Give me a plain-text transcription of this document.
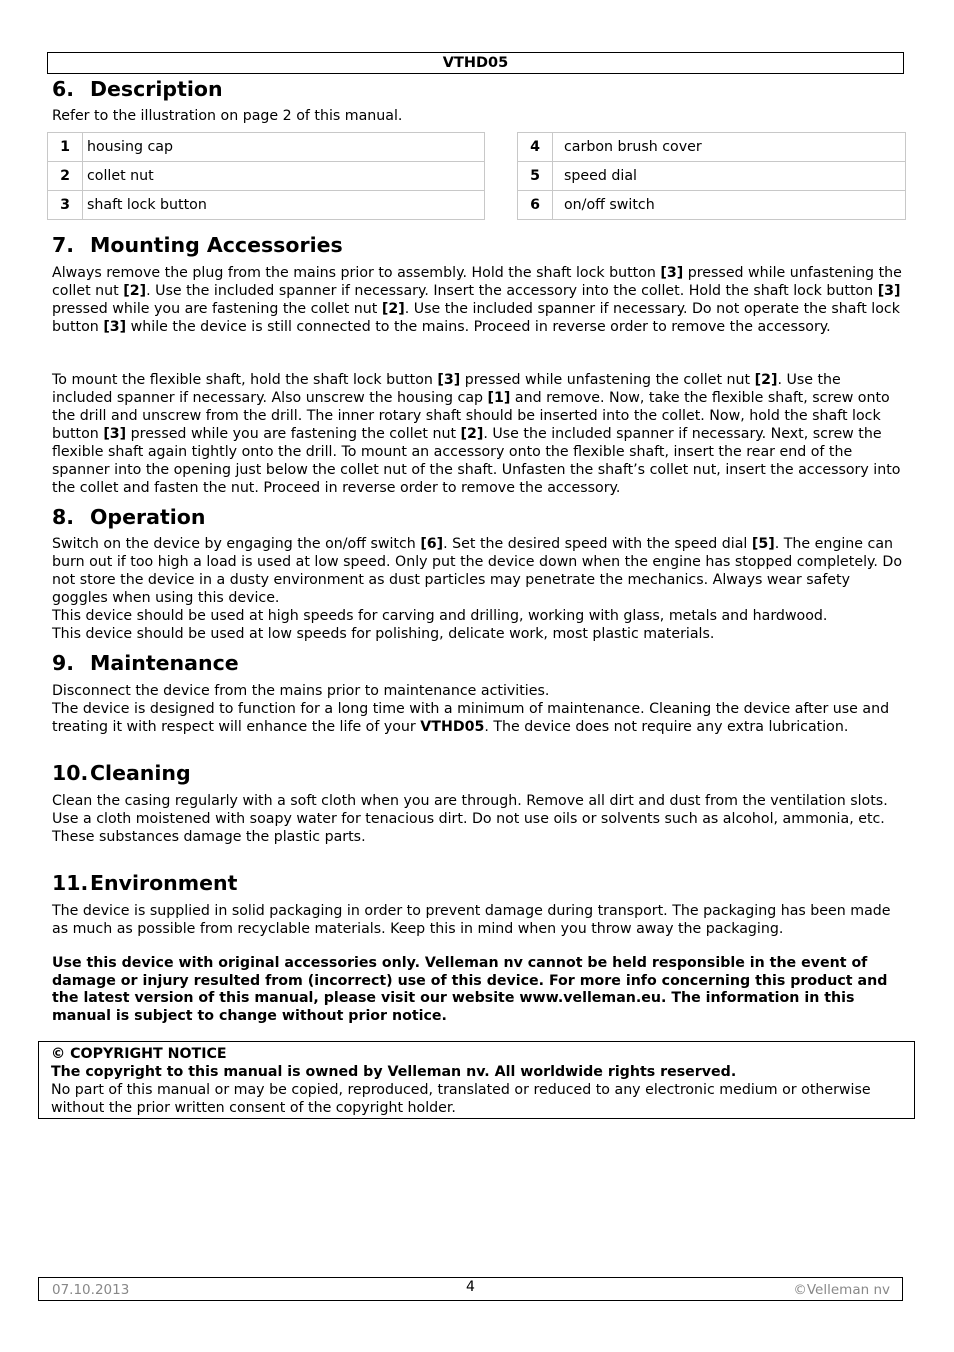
VTHD05
6. Description

Refer to the illustration on page 2 of this manual.

1	housing cap
2	collet nut
3	shaft lock button
4	carbon brush cover
5	speed dial
6	on/off switch
7. Mounting Accessories

Always remove the plug from the mains prior to assembly. Hold the shaft lock button [3] pressed while unfastening the collet nut [2]. Use the included spanner if necessary. Insert the accessory into the collet. Hold the shaft lock button [3] pressed while you are fastening the collet nut [2]. Use the included spanner if necessary. Do not operate the shaft lock button [3] while the device is still connected to the mains. Proceed in reverse order to remove the accessory.

To mount the flexible shaft, hold the shaft lock button [3] pressed while unfastening the collet nut [2]. Use the included spanner if necessary. Also unscrew the housing cap [1] and remove. Now, take the flexible shaft, screw onto the drill and unscrew from the drill. The inner rotary shaft should be inserted into the collet. Now, hold the shaft lock button [3] pressed while you are fastening the collet nut [2]. Use the included spanner if necessary. Next, screw the flexible shaft again tightly onto the drill. To mount an accessory onto the flexible shaft, insert the rear end of the spanner into the opening just below the collet nut of the shaft. Unfasten the shaft’s collet nut, insert the accessory into the collet and fasten the nut. Proceed in reverse order to remove the accessory.

8. Operation

Switch on the device by engaging the on/off switch [6]. Set the desired speed with the speed dial [5]. The engine can burn out if too high a load is used at low speed. Only put the device down when the engine has stopped completely. Do not store the device in a dusty environment as dust particles may penetrate the mechanics. Always wear safety goggles when using this device.
This device should be used at high speeds for carving and drilling, working with glass, metals and hardwood.
This device should be used at low speeds for polishing, delicate work, most plastic materials.

9. Maintenance

Disconnect the device from the mains prior to maintenance activities.
The device is designed to function for a long time with a minimum of maintenance. Cleaning the device after use and treating it with respect will enhance the life of your VTHD05. The device does not require any extra lubrication.

10.Cleaning

Clean the casing regularly with a soft cloth when you are through. Remove all dirt and dust from the ventilation slots.
Use a cloth moistened with soapy water for tenacious dirt. Do not use oils or solvents such as alcohol, ammonia, etc. These substances damage the plastic parts.

11.Environment

The device is supplied in solid packaging in order to prevent damage during transport. The packaging has been made as much as possible from recyclable materials. Keep this in mind when you throw away the packaging.

Use this device with original accessories only. Velleman nv cannot be held responsible in the event of damage or injury resulted from (incorrect) use of this device. For more info concerning this product and the latest version of this manual, please visit our website www.velleman.eu. The information in this manual is subject to change without prior notice.

© COPYRIGHT NOTICE
The copyright to this manual is owned by Velleman nv. All worldwide rights reserved.
No part of this manual or may be copied, reproduced, translated or reduced to any electronic medium or otherwise without the prior written consent of the copyright holder.
07.10.2013	4	©Velleman nv
